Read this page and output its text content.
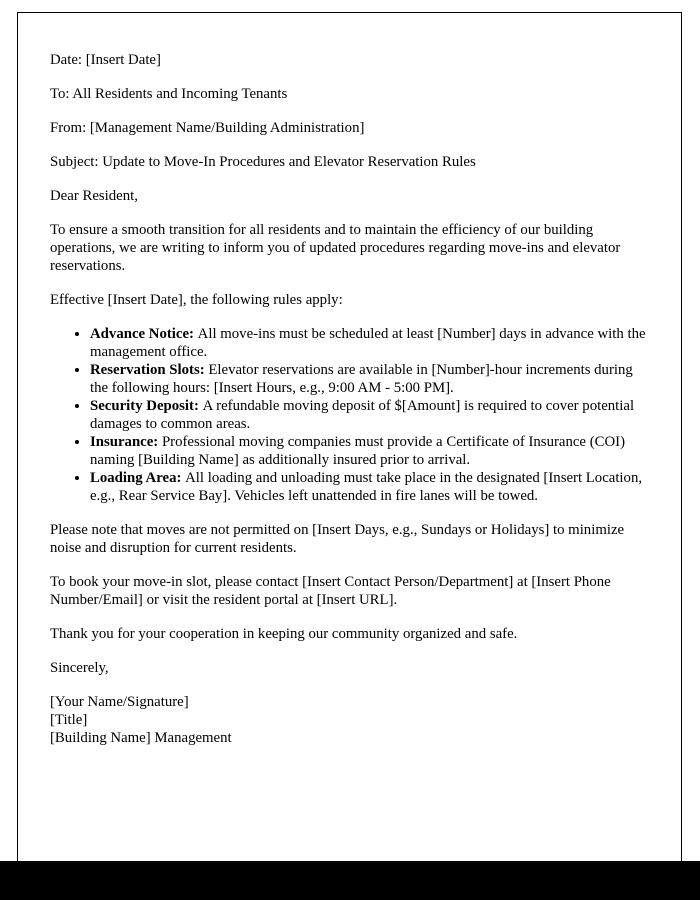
Date: [Insert Date]

To: All Residents and Incoming Tenants

From: [Management Name/Building Administration]

Subject: Update to Move-In Procedures and Elevator Reservation Rules

Dear Resident,

To ensure a smooth transition for all residents and to maintain the efficiency of our building operations, we are writing to inform you of updated procedures regarding move-ins and elevator reservations.

Effective [Insert Date], the following rules apply:

• Advance Notice: All move-ins must be scheduled at least [Number] days in advance with the management office.
• Reservation Slots: Elevator reservations are available in [Number]-hour increments during the following hours: [Insert Hours, e.g., 9:00 AM - 5:00 PM].
• Security Deposit: A refundable moving deposit of $[Amount] is required to cover potential damages to common areas.
• Insurance: Professional moving companies must provide a Certificate of Insurance (COI) naming [Building Name] as additionally insured prior to arrival.
• Loading Area: All loading and unloading must take place in the designated [Insert Location, e.g., Rear Service Bay]. Vehicles left unattended in fire lanes will be towed.

Please note that moves are not permitted on [Insert Days, e.g., Sundays or Holidays] to minimize noise and disruption for current residents.

To book your move-in slot, please contact [Insert Contact Person/Department] at [Insert Phone Number/Email] or visit the resident portal at [Insert URL].

Thank you for your cooperation in keeping our community organized and safe.

Sincerely,

[Your Name/Signature]
[Title]
[Building Name] Management
